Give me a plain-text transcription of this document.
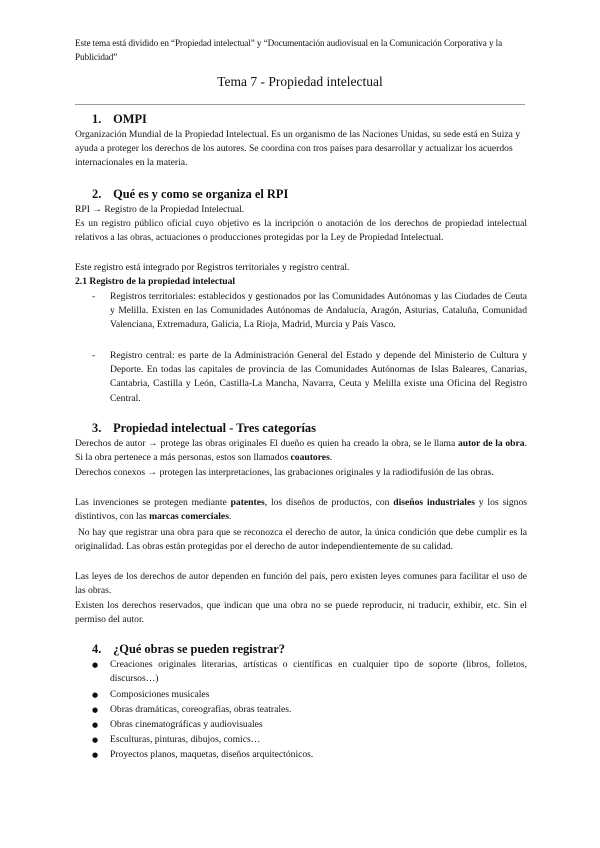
Este tema está dividido en “Propiedad intelectual” y “Documentación audiovisual en la Comunicación Corporativa y la Publicidad”
Tema 7 - Propiedad intelectual
1. OMPI

Organización Mundial de la Propiedad Intelectual. Es un organismo de las Naciones Unidas, su sede está en Suiza y ayuda a proteger los derechos de los autores. Se coordina con tros países para desarrollar y actualizar los acuerdos internacionales en la materia.

2. Qué es y como se organiza el RPI
RPI → Registro de la Propiedad Intelectual.

Es un registro público oficial cuyo objetivo es la incripción o anotación de los derechos de propiedad intelectual relativos a las obras, actuaciones o producciones protegidas por la Ley de Propiedad Intelectual.

Este registro está integrado por Registros territoriales y registro central.
2.1 Registro de la propiedad intelectual
- Registros territoriales: establecidos y gestionados por las Comunidades Autónomas y las Ciudades de Ceuta y Melilla. Existen en las Comunidades Autónomas de Andalucía, Aragón, Asturias, Cataluña, Comunidad Valenciana, Extremadura, Galicia, La Rioja, Madrid, Murcia y País Vasco.
- Registro central: es parte de la Administración General del Estado y depende del Ministerio de Cultura y Deporte. En todas las capitales de provincia de las Comunidades Autónomas de Islas Baleares, Canarias, Cantabria, Castilla y León, Castilla-La Mancha, Navarra, Ceuta y Melilla existe una Oficina del Registro Central.
3. Propiedad intelectual - Tres categorías

Derechos de autor → protege las obras originales El dueño es quien ha creado la obra, se le llama autor de la obra. Si la obra pertenece a más personas, estos son llamados coautores.

Derechos conexos → protegen las interpretaciones, las grabaciones originales y la radiodifusión de las obras.

Las invenciones se protegen mediante patentes, los diseños de productos, con diseños industriales y los signos distintivos, con las marcas comerciales.

No hay que registrar una obra para que se reconozca el derecho de autor, la única condición que debe cumplir es la originalidad. Las obras están protegidas por el derecho de autor independientemente de su calidad.

Las leyes de los derechos de autor dependen en función del país, pero existen leyes comunes para facilitar el uso de las obras.

Existen los derechos reservados, que indican que una obra no se puede reproducir, ni traducir, exhibir, etc. Sin el permiso del autor.

4. ¿Qué obras se pueden registrar?
● Creaciones originales literarias, artísticas o científicas en cualquier tipo de soporte (libros, folletos, discursos…)
● Composiciones musicales
● Obras dramáticas, coreografías, obras teatrales.
● Obras cinematográficas y audiovisuales
● Esculturas, pinturas, dibujos, comics…
● Proyectos planos, maquetas, diseños arquitectónicos.
